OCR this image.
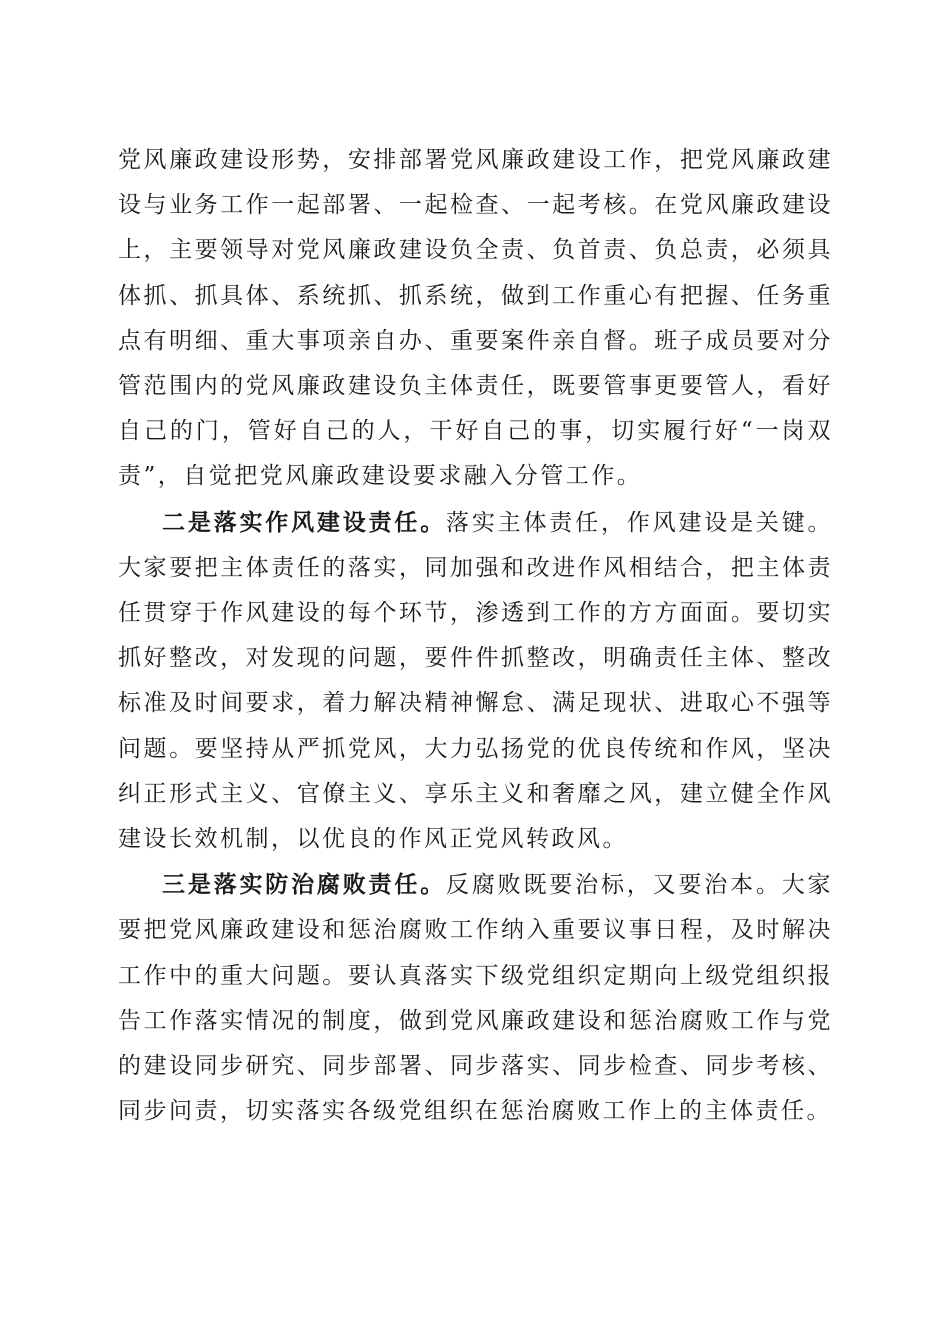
党风廉政建设形势，安排部署党风廉政建设工作，把党风廉政建设与业务工作一起部署、一起检查、一起考核。在党风廉政建设上，主要领导对党风廉政建设负全责、负首责、负总责，必须具体抓、抓具体、系统抓、抓系统，做到工作重心有把握、任务重点有明细、重大事项亲自办、重要案件亲自督。班子成员要对分管范围内的党风廉政建设负主体责任，既要管事更要管人，看好自己的门，管好自己的人，干好自己的事，切实履行好“一岗双责”，自觉把党风廉政建设要求融入分管工作。

二是落实作风建设责任。落实主体责任，作风建设是关键。大家要把主体责任的落实，同加强和改进作风相结合，把主体责任贯穿于作风建设的每个环节，渗透到工作的方方面面。要切实抓好整改，对发现的问题，要件件抓整改，明确责任主体、整改标准及时间要求，着力解决精神懈怠、满足现状、进取心不强等问题。要坚持从严抓党风，大力弘扬党的优良传统和作风，坚决纠正形式主义、官僚主义、享乐主义和奢靡之风，建立健全作风建设长效机制，以优良的作风正党风转政风。

三是落实防治腐败责任。反腐败既要治标，又要治本。大家要把党风廉政建设和惩治腐败工作纳入重要议事日程，及时解决工作中的重大问题。要认真落实下级党组织定期向上级党组织报告工作落实情况的制度，做到党风廉政建设和惩治腐败工作与党的建设同步研究、同步部署、同步落实、同步检查、同步考核、同步问责，切实落实各级党组织在惩治腐败工作上的主体责任。
